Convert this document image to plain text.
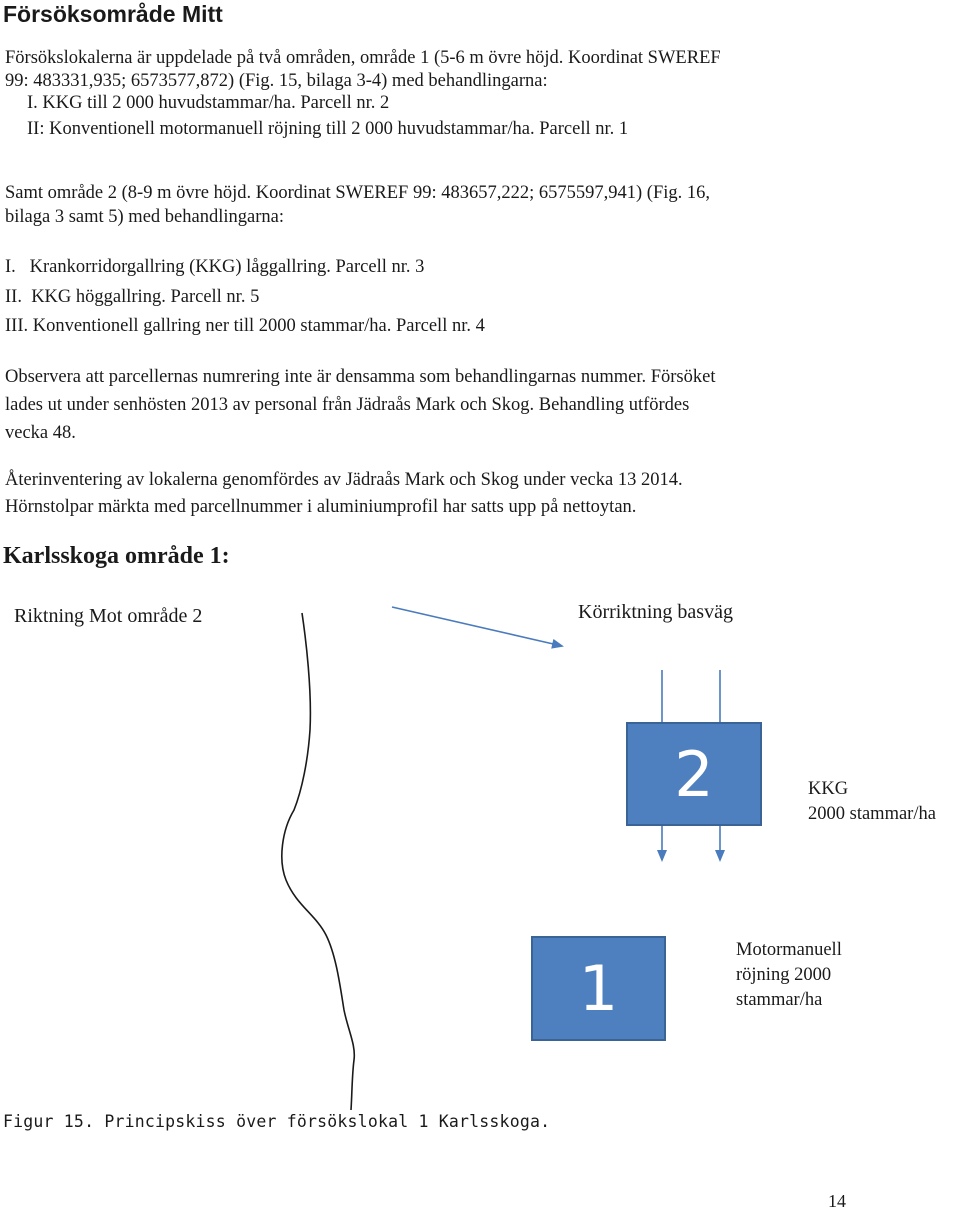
Försöksområde Mitt
Försökslokalerna är uppdelade på två områden, område 1 (5-6 m övre höjd. Koordinat SWEREF
99: 483331,935; 6573577,872) (Fig. 15, bilaga 3-4) med behandlingarna:
I. KKG till 2 000 huvudstammar/ha. Parcell nr. 2
II: Konventionell motormanuell röjning till 2 000 huvudstammar/ha. Parcell nr. 1
Samt område 2 (8-9 m övre höjd. Koordinat SWEREF 99: 483657,222; 6575597,941) (Fig. 16,
bilaga 3 samt 5) med behandlingarna:
I.   Krankorridorgallring (KKG) låggallring. Parcell nr. 3
II.  KKG höggallring. Parcell nr. 5
III. Konventionell gallring ner till 2000 stammar/ha. Parcell nr. 4
Observera att parcellernas numrering inte är densamma som behandlingarnas nummer. Försöket
lades ut under senhösten 2013 av personal från Jädraås Mark och Skog. Behandling utfördes
vecka 48.
Återinventering av lokalerna genomfördes av Jädraås Mark och Skog under vecka 13 2014.
Hörnstolpar märkta med parcellnummer i aluminiumprofil har satts upp på nettoytan.
Karlsskoga område 1:
Riktning Mot område 2	Körriktning basväg
2	KKG
2000 stammar/ha
1
Motormanuell
röjning 2000
stammar/ha
Figur 15. Principskiss över försökslokal 1 Karlsskoga.
14
